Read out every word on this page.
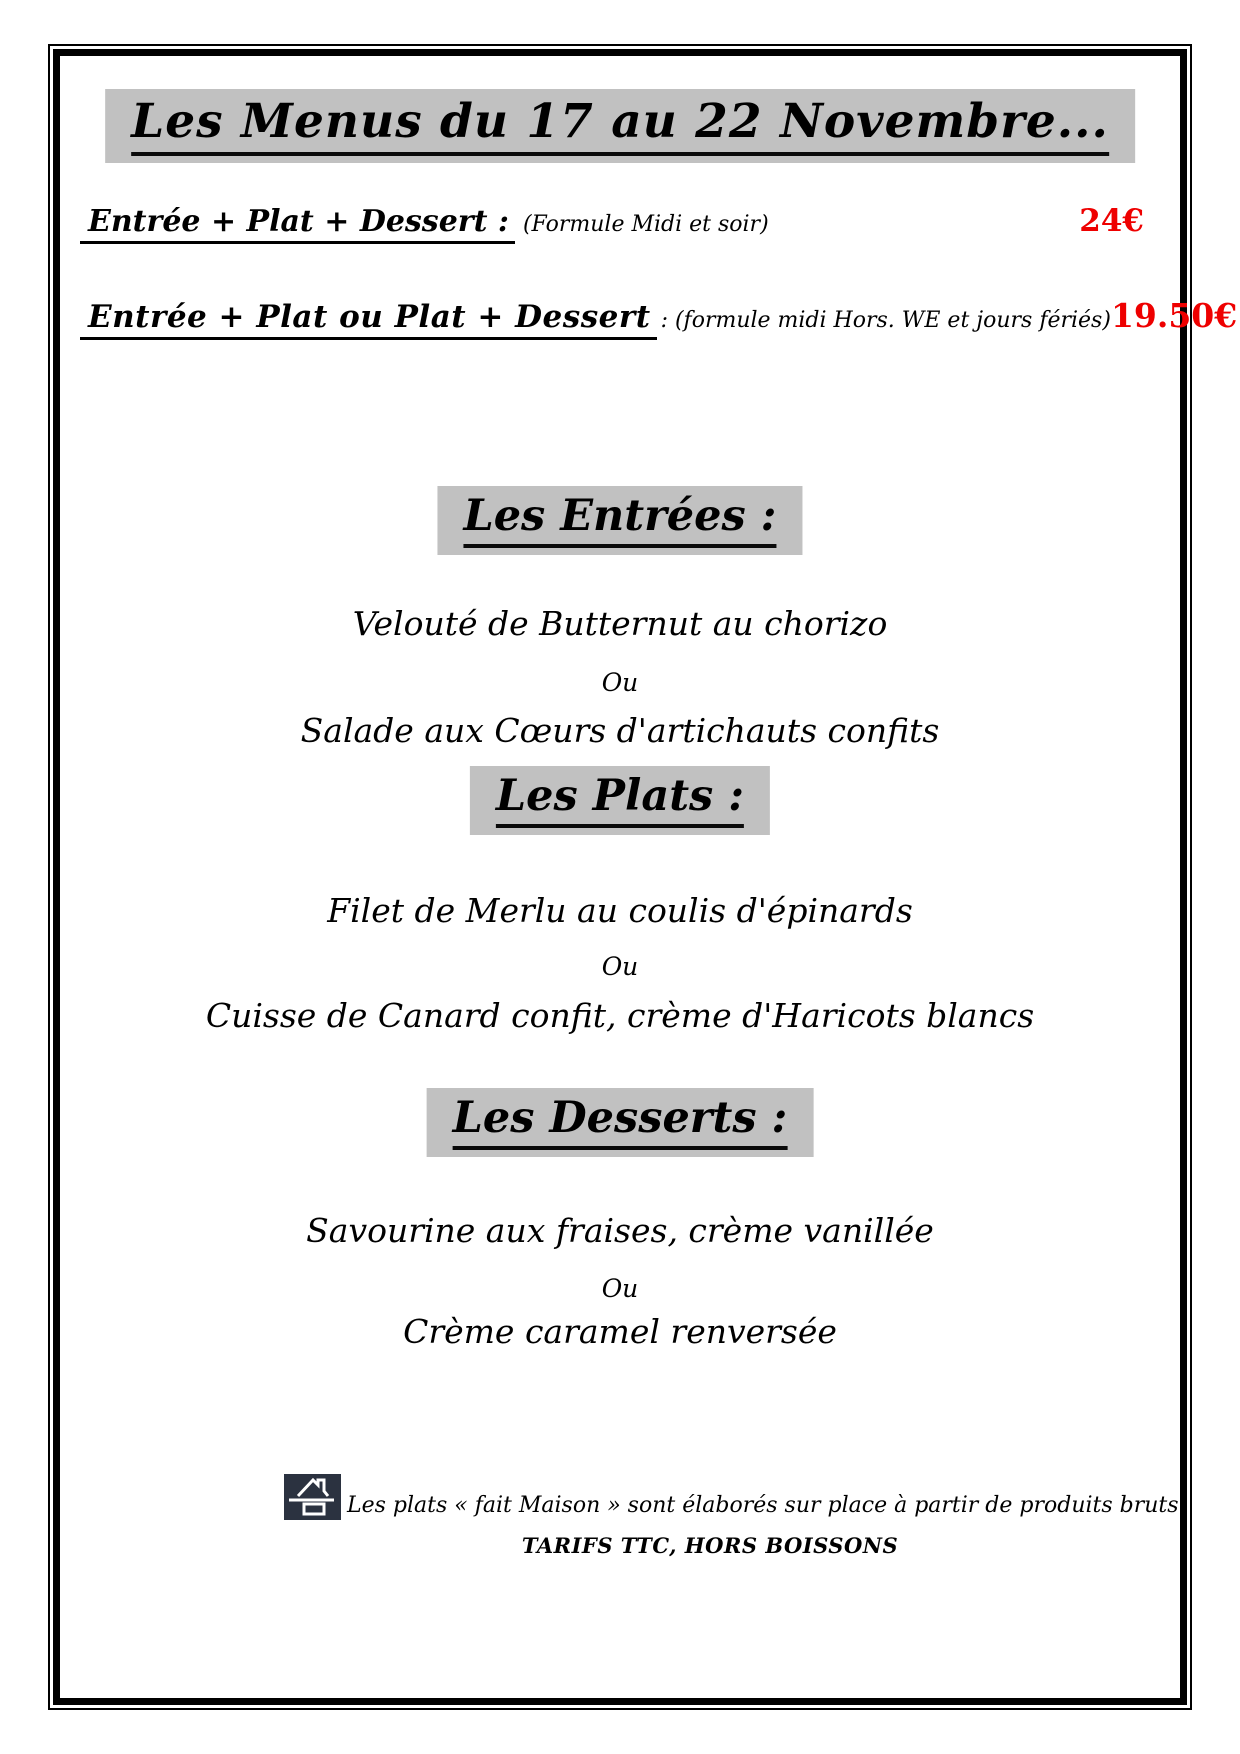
Les Menus du 17 au 22 Novembre...
Entrée + Plat + Dessert : (Formule Midi et soir)	24€
Entrée + Plat ou Plat + Dessert : (formule midi Hors. WE et jours fériés) 19.50€
Les Entrées :
Velouté de Butternut au chorizo
Ou
Salade aux Cœurs d'artichauts confits
Les Plats :
Filet de Merlu au coulis d'épinards
Ou
Cuisse de Canard confit, crème d'Haricots blancs
Les Desserts :
Savourine aux fraises, crème vanillée
Ou
Crème caramel renversée
Les plats « fait Maison » sont élaborés sur place à partir de produits bruts.
TARIFS TTC, HORS BOISSONS
